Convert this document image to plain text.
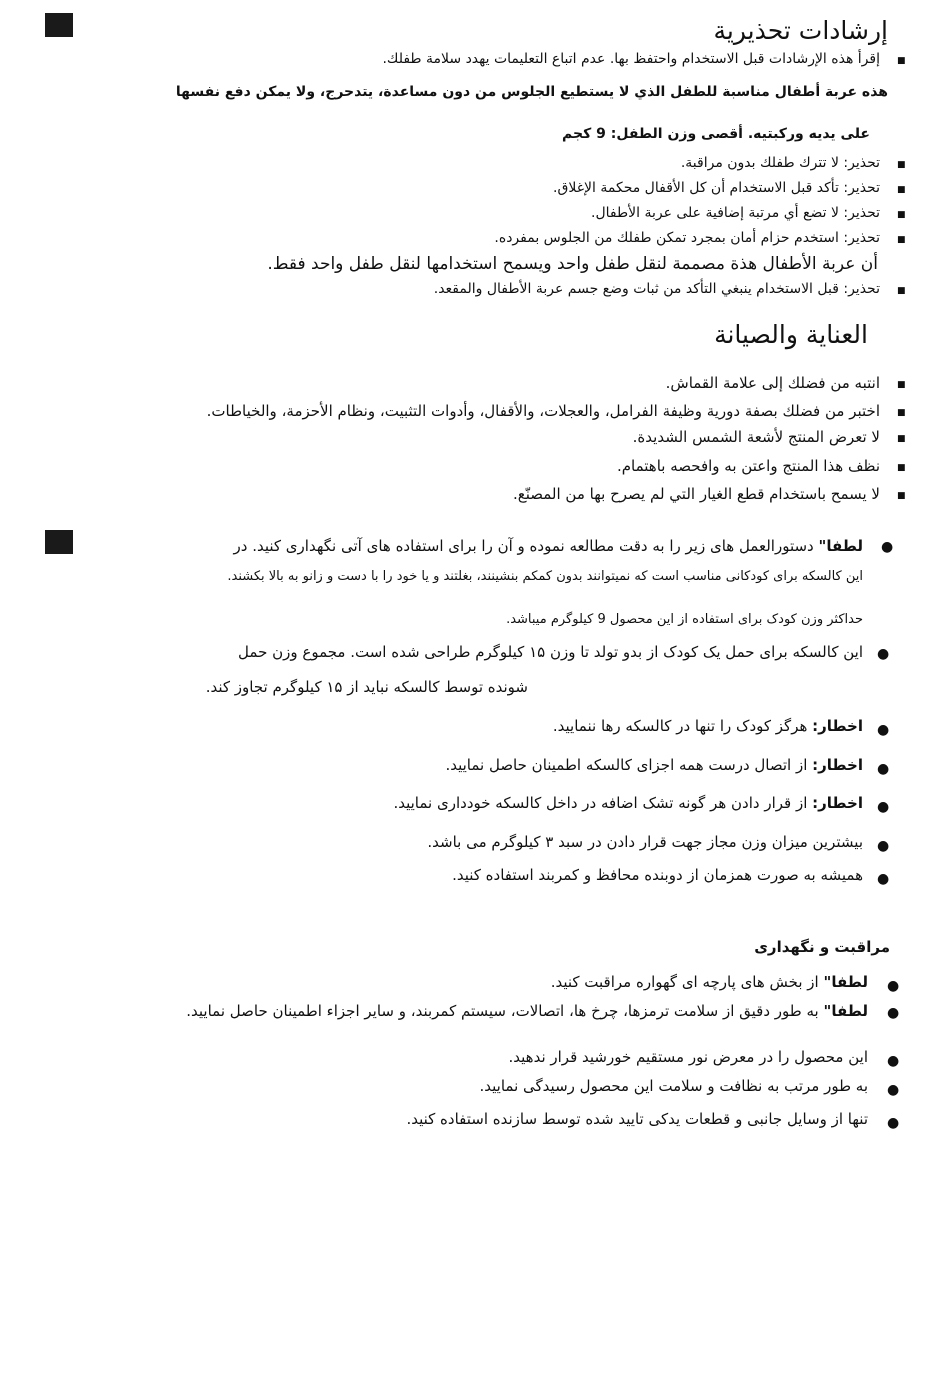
إرشادات تحذيرية
■
إقرأ هذه الإرشادات قبل الاستخدام واحتفظ بها. عدم اتباع التعليمات يهدد سلامة طفلك.
هذه عربة أطفال مناسبة للطفل الذي لا يستطيع الجلوس من دون مساعدة، يتدحرج، ولا يمكن دفع نفسها
على يديه وركبتيه. أقصى وزن الطفل: 9 كجم
■
تحذير: لا تترك طفلك بدون مراقبة.
■
تحذير: تأكد قبل الاستخدام أن كل الأقفال محكمة الإغلاق.
■
تحذير: لا تضع أي مرتبة إضافية على عربة الأطفال.
■
تحذير: استخدم حزام أمان بمجرد تمكن طفلك من الجلوس بمفرده.
أن عربة الأطفال هذة مصممة لنقل طفل واحد ويسمح استخدامها لنقل طفل واحد فقط.
■
تحذير: قبل الاستخدام ينبغي التأكد من ثبات وضع جسم عربة الأطفال والمقعد.
العناية والصيانة
■
انتبه من فضلك إلى علامة القماش.
■
اختبر من فضلك بصفة دورية وظيفة الفرامل، والعجلات، والأقفال، وأدوات التثبيت، ونظام الأحزمة، والخياطات.
■
لا تعرض المنتج لأشعة الشمس الشديدة.
■
نظف هذا المنتج واعتن به وافحصه باهتمام.
■
لا يسمح باستخدام قطع الغيار التي لم يصرح بها من المصنّع.
●
لطفا" دستورالعمل های زیر را به دقت مطالعه نموده و آن را برای استفاده های آتی نگهداری کنید. در
این کالسکه برای کودکانی مناسب است که نمیتوانند بدون کمکم بنشینند، بغلتند و یا خود را با دست و زانو به بالا بکشند.
حداکثر وزن کودک برای استفاده از این محصول 9 کیلوگرم میباشد.
●
این کالسکه برای حمل یک کودک از بدو تولد تا وزن ۱۵ کیلوگرم طراحی شده است. مجموع وزن حمل
شونده توسط کالسکه نباید از ۱۵ کیلوگرم تجاوز کند.
●
اخطار: هرگز کودک را تنها در کالسکه رها ننمایید.
●
اخطار: از اتصال درست همه اجزای کالسکه اطمینان حاصل نمایید.
●
اخطار: از قرار دادن هر گونه تشک اضافه در داخل کالسکه خودداری نمایید.
●
بیشترین میزان وزن مجاز جهت قرار دادن در سبد ۳ کیلوگرم می باشد.
●
همیشه به صورت همزمان از دوبنده محافظ و کمربند استفاده کنید.
مراقبت و نگهداری
●
لطفا" از بخش های پارچه ای گهواره مراقبت کنید.
●
لطفا" به طور دقیق از سلامت ترمزها، چرخ ها، اتصالات، سیستم کمربند، و سایر اجزاء اطمینان حاصل نمایید.
●
این محصول را در معرض نور مستقیم خورشید قرار ندهید.
●
به طور مرتب به نظافت و سلامت این محصول رسیدگی نمایید.
●
تنها از وسایل جانبی و قطعات یدکی تایید شده توسط سازنده استفاده کنید.
